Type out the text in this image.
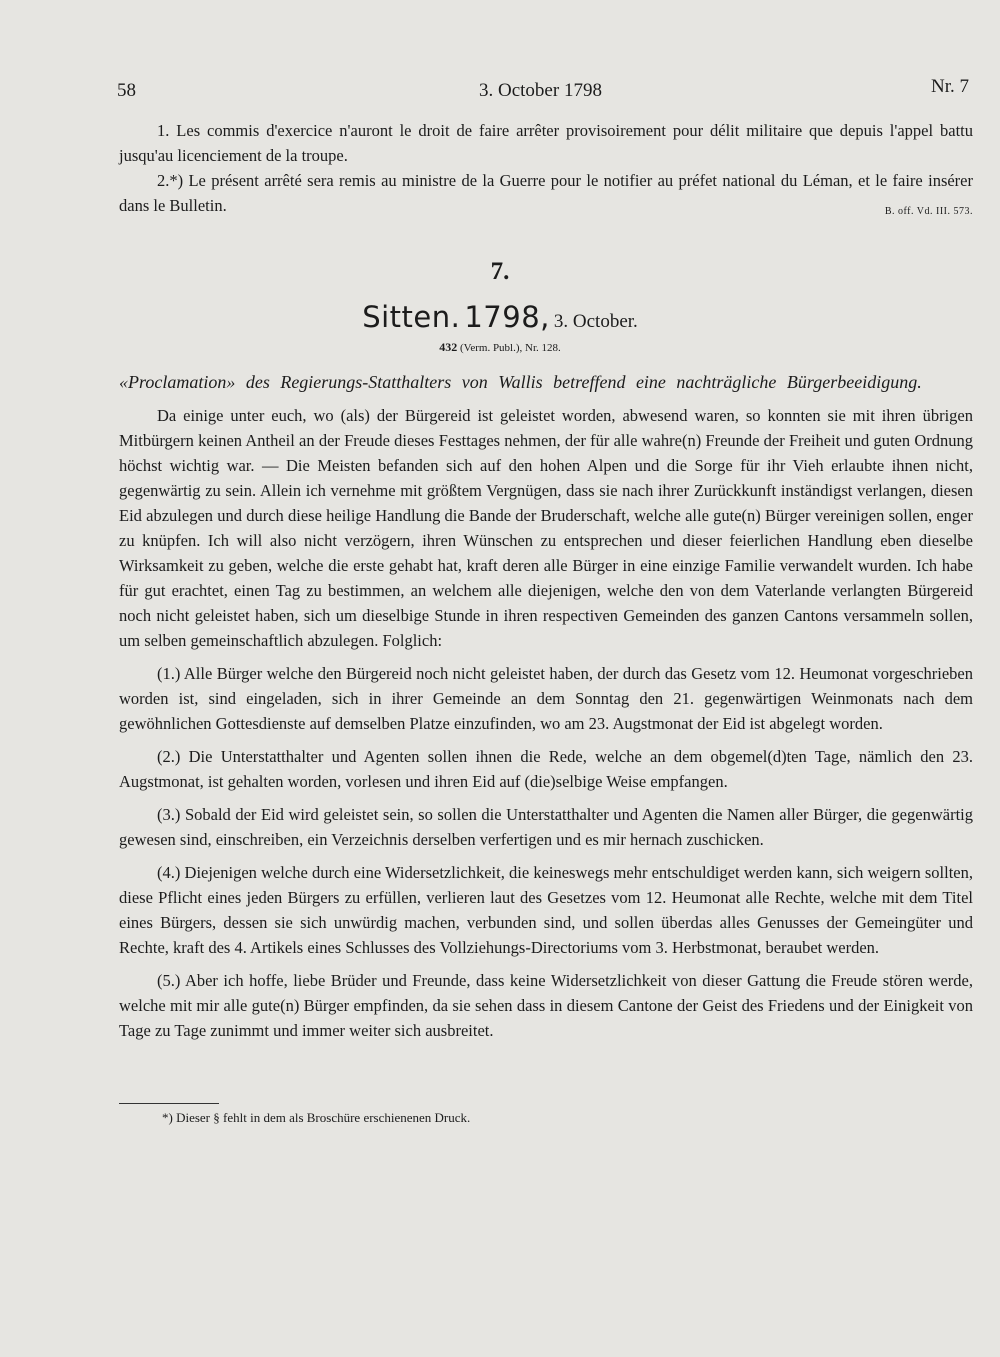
58	3. October 1798	Nr. 7

1. Les commis d'exercice n'auront le droit de faire arrêter provisoirement pour délit militaire que depuis l'appel battu jusqu'au licenciement de la troupe.

2.*) Le présent arrêté sera remis au ministre de la Guerre pour le notifier au préfet national du Léman, et le faire insérer dans le Bulletin.	B. off. Vd. III. 573.

7.
Sitten. 1798, 3. October.
432 (Verm. Publ.), Nr. 128.
«Proclamation» des Regierungs-Statthalters von Wallis betreffend eine nachträgliche Bürgerbeeidigung.

Da einige unter euch, wo (als) der Bürgereid ist geleistet worden, abwesend waren, so konnten sie mit ihren übrigen Mitbürgern keinen Antheil an der Freude dieses Festtages nehmen, der für alle wahre(n) Freunde der Freiheit und guten Ordnung höchst wichtig war. — Die Meisten befanden sich auf den hohen Alpen und die Sorge für ihr Vieh erlaubte ihnen nicht, gegenwärtig zu sein. Allein ich vernehme mit größtem Vergnügen, dass sie nach ihrer Zurückkunft inständigst verlangen, diesen Eid abzulegen und durch diese heilige Handlung die Bande der Bruderschaft, welche alle gute(n) Bürger vereinigen sollen, enger zu knüpfen. Ich will also nicht verzögern, ihren Wünschen zu entsprechen und dieser feierlichen Handlung eben dieselbe Wirksamkeit zu geben, welche die erste gehabt hat, kraft deren alle Bürger in eine einzige Familie verwandelt wurden. Ich habe für gut erachtet, einen Tag zu bestimmen, an welchem alle diejenigen, welche den von dem Vaterlande verlangten Bürgereid noch nicht geleistet haben, sich um dieselbige Stunde in ihren respectiven Gemeinden des ganzen Cantons versammeln sollen, um selben gemeinschaftlich abzulegen. Folglich:

(1.) Alle Bürger welche den Bürgereid noch nicht geleistet haben, der durch das Gesetz vom 12. Heumonat vorgeschrieben worden ist, sind eingeladen, sich in ihrer Gemeinde an dem Sonntag den 21. gegenwärtigen Weinmonats nach dem gewöhnlichen Gottesdienste auf demselben Platze einzufinden, wo am 23. Augstmonat der Eid ist abgelegt worden.

(2.) Die Unterstatthalter und Agenten sollen ihnen die Rede, welche an dem obgemel(d)ten Tage, nämlich den 23. Augstmonat, ist gehalten worden, vorlesen und ihren Eid auf (die)selbige Weise empfangen.

(3.) Sobald der Eid wird geleistet sein, so sollen die Unterstatthalter und Agenten die Namen aller Bürger, die gegenwärtig gewesen sind, einschreiben, ein Verzeichnis derselben verfertigen und es mir hernach zuschicken.

(4.) Diejenigen welche durch eine Widersetzlichkeit, die keineswegs mehr entschuldiget werden kann, sich weigern sollten, diese Pflicht eines jeden Bürgers zu erfüllen, verlieren laut des Gesetzes vom 12. Heumonat alle Rechte, welche mit dem Titel eines Bürgers, dessen sie sich unwürdig machen, verbunden sind, und sollen überdas alles Genusses der Gemeingüter und Rechte, kraft des 4. Artikels eines Schlusses des Vollziehungs-Directoriums vom 3. Herbstmonat, beraubet werden.

(5.) Aber ich hoffe, liebe Brüder und Freunde, dass keine Widersetzlichkeit von dieser Gattung die Freude stören werde, welche mit mir alle gute(n) Bürger empfinden, da sie sehen dass in diesem Cantone der Geist des Friedens und der Einigkeit von Tage zu Tage zunimmt und immer weiter sich ausbreitet.

*) Dieser § fehlt in dem als Broschüre erschienenen Druck.
